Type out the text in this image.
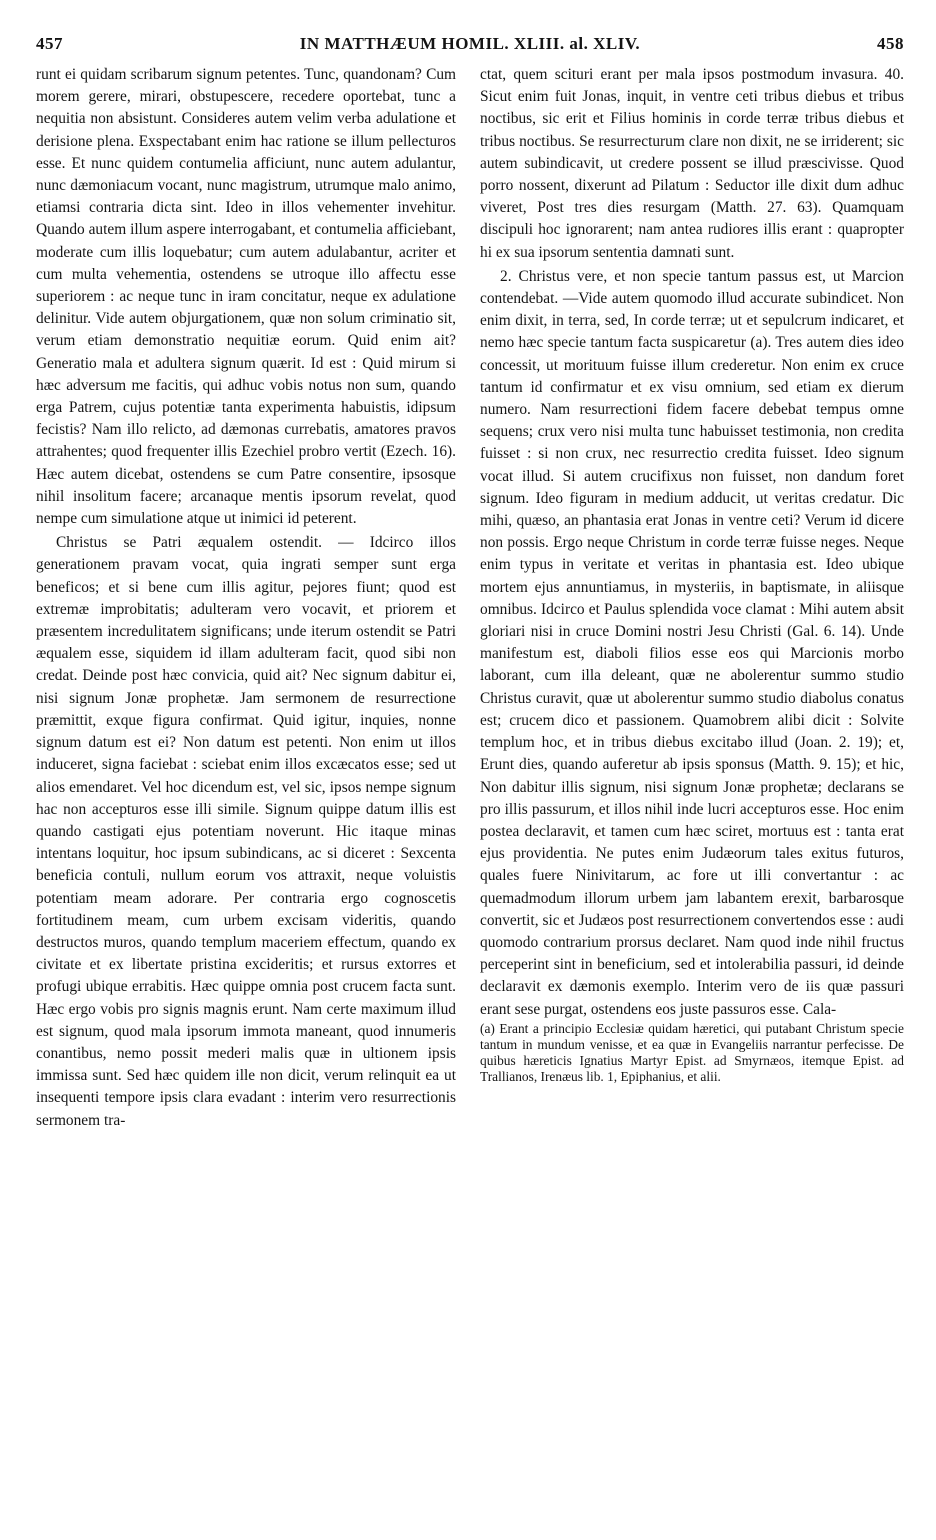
457	IN MATTHÆUM HOMIL. XLIII. al. XLIV.	458

runt ei quidam scribarum signum petentes. Tunc, quandonam? Cum morem gerere, mirari, obstupescere, recedere oportebat, tunc a nequitia non absistunt. Consideres autem velim verba adulatione et derisione plena. Exspectabant enim hac ratione se illum pellecturos esse. Et nunc quidem contumelia afficiunt, nunc autem adulantur, nunc dæmoniacum vocant, nunc magistrum, utrumque malo animo, etiamsi contraria dicta sint. Ideo in illos vehementer invehitur. Quando autem illum aspere interrogabant, et contumelia afficiebant, moderate cum illis loquebatur; cum autem adulabantur, acriter et cum multa vehementia, ostendens se utroque illo affectu esse superiorem : ac neque tunc in iram concitatur, neque ex adulatione delinitur. Vide autem objurgationem, quæ non solum criminatio sit, verum etiam demonstratio nequitiæ eorum. Quid enim ait? Generatio mala et adultera signum quærit. Id est : Quid mirum si hæc adversum me facitis, qui adhuc vobis notus non sum, quando erga Patrem, cujus potentiæ tanta experimenta habuistis, idipsum fecistis? Nam illo relicto, ad dæmonas currebatis, amatores pravos attrahentes; quod frequenter illis Ezechiel probro vertit (Ezech. 16). Hæc autem dicebat, ostendens se cum Patre consentire, ipsosque nihil insolitum facere; arcanaque mentis ipsorum revelat, quod nempe cum simulatione atque ut inimici id peterent.

Christus se Patri æqualem ostendit. — Idcirco illos generationem pravam vocat, quia ingrati semper sunt erga beneficos; et si bene cum illis agitur, pejores fiunt; quod est extremæ improbitatis; adulteram vero vocavit, et priorem et præsentem incredulitatem significans; unde iterum ostendit se Patri æqualem esse, siquidem id illam adulteram facit, quod sibi non credat. Deinde post hæc convicia, quid ait? Nec signum dabitur ei, nisi signum Jonæ prophetæ. Jam sermonem de resurrectione præmittit, exque figura confirmat. Quid igitur, inquies, nonne signum datum est ei? Non datum est petenti. Non enim ut illos induceret, signa faciebat : sciebat enim illos excæcatos esse; sed ut alios emendaret. Vel hoc dicendum est, vel sic, ipsos nempe signum hac non accepturos esse illi simile. Signum quippe datum illis est quando castigati ejus potentiam noverunt. Hic itaque minas intentans loquitur, hoc ipsum subindicans, ac si diceret : Sexcenta beneficia contuli, nullum eorum vos attraxit, neque voluistis potentiam meam adorare. Per contraria ergo cognoscetis fortitudinem meam, cum urbem excisam videritis, quando destructos muros, quando templum maceriem effectum, quando ex civitate et ex libertate pristina excideritis; et rursus extorres et profugi ubique errabitis. Hæc quippe omnia post crucem facta sunt. Hæc ergo vobis pro signis magnis erunt. Nam certe maximum illud est signum, quod mala ipsorum immota maneant, quod innumeris conantibus, nemo possit mederi malis quæ in ultionem ipsis immissa sunt. Sed hæc quidem ille non dicit, verum relinquit ea ut insequenti tempore ipsis clara evadant : interim vero resurrectionis sermonem tra-

ctat, quem scituri erant per mala ipsos postmodum invasura. 40. Sicut enim fuit Jonas, inquit, in ventre ceti tribus diebus et tribus noctibus, sic erit et Filius hominis in corde terræ tribus diebus et tribus noctibus. Se resurrecturum clare non dixit, ne se irriderent; sic autem subindicavit, ut credere possent se illud præscivisse. Quod porro nossent, dixerunt ad Pilatum : Seductor ille dixit dum adhuc viveret, Post tres dies resurgam (Matth. 27. 63). Quamquam discipuli hoc ignorarent; nam antea rudiores illis erant : quapropter hi ex sua ipsorum sententia damnati sunt.

2. Christus vere, et non specie tantum passus est, ut Marcion contendebat. —Vide autem quomodo illud accurate subindicet. Non enim dixit, in terra, sed, In corde terræ; ut et sepulcrum indicaret, et nemo hæc specie tantum facta suspicaretur (a). Tres autem dies ideo concessit, ut morituum fuisse illum crederetur. Non enim ex cruce tantum id confirmatur et ex visu omnium, sed etiam ex dierum numero. Nam resurrectioni fidem facere debebat tempus omne sequens; crux vero nisi multa tunc habuisset testimonia, non credita fuisset : si non crux, nec resurrectio credita fuisset. Ideo signum vocat illud. Si autem crucifixus non fuisset, non dandum foret signum. Ideo figuram in medium adducit, ut veritas credatur. Dic mihi, quæso, an phantasia erat Jonas in ventre ceti? Verum id dicere non possis. Ergo neque Christum in corde terræ fuisse neges. Neque enim typus in veritate et veritas in phantasia est. Ideo ubique mortem ejus annuntiamus, in mysteriis, in baptismate, in aliisque omnibus. Idcirco et Paulus splendida voce clamat : Mihi autem absit gloriari nisi in cruce Domini nostri Jesu Christi (Gal. 6. 14). Unde manifestum est, diaboli filios esse eos qui Marcionis morbo laborant, cum illa deleant, quæ ne abolerentur summo studio Christus curavit, quæ ut abolerentur summo studio diabolus conatus est; crucem dico et passionem. Quamobrem alibi dicit : Solvite templum hoc, et in tribus diebus excitabo illud (Joan. 2. 19); et, Erunt dies, quando auferetur ab ipsis sponsus (Matth. 9. 15); et hic, Non dabitur illis signum, nisi signum Jonæ prophetæ; declarans se pro illis passurum, et illos nihil inde lucri accepturos esse. Hoc enim postea declaravit, et tamen cum hæc sciret, mortuus est : tanta erat ejus providentia. Ne putes enim Judæorum tales exitus futuros, quales fuere Ninivitarum, ac fore ut illi convertantur : ac quemadmodum illorum urbem jam labantem erexit, barbarosque convertit, sic et Judæos post resurrectionem convertendos esse : audi quomodo contrarium prorsus declaret. Nam quod inde nihil fructus perceperint sint in beneficium, sed et intolerabilia passuri, id deinde declaravit ex dæmonis exemplo. Interim vero de iis quæ passuri erant sese purgat, ostendens eos juste passuros esse. Cala-

(a) Erant a principio Ecclesiæ quidam hæretici, qui putabant Christum specie tantum in mundum venisse, et ea quæ in Evangeliis narrantur perfecisse. De quibus hæreticis Ignatius Martyr Epist. ad Smyrnæos, itemque Epist. ad Trallianos, Irenæus lib. 1, Epiphanius, et alii.
